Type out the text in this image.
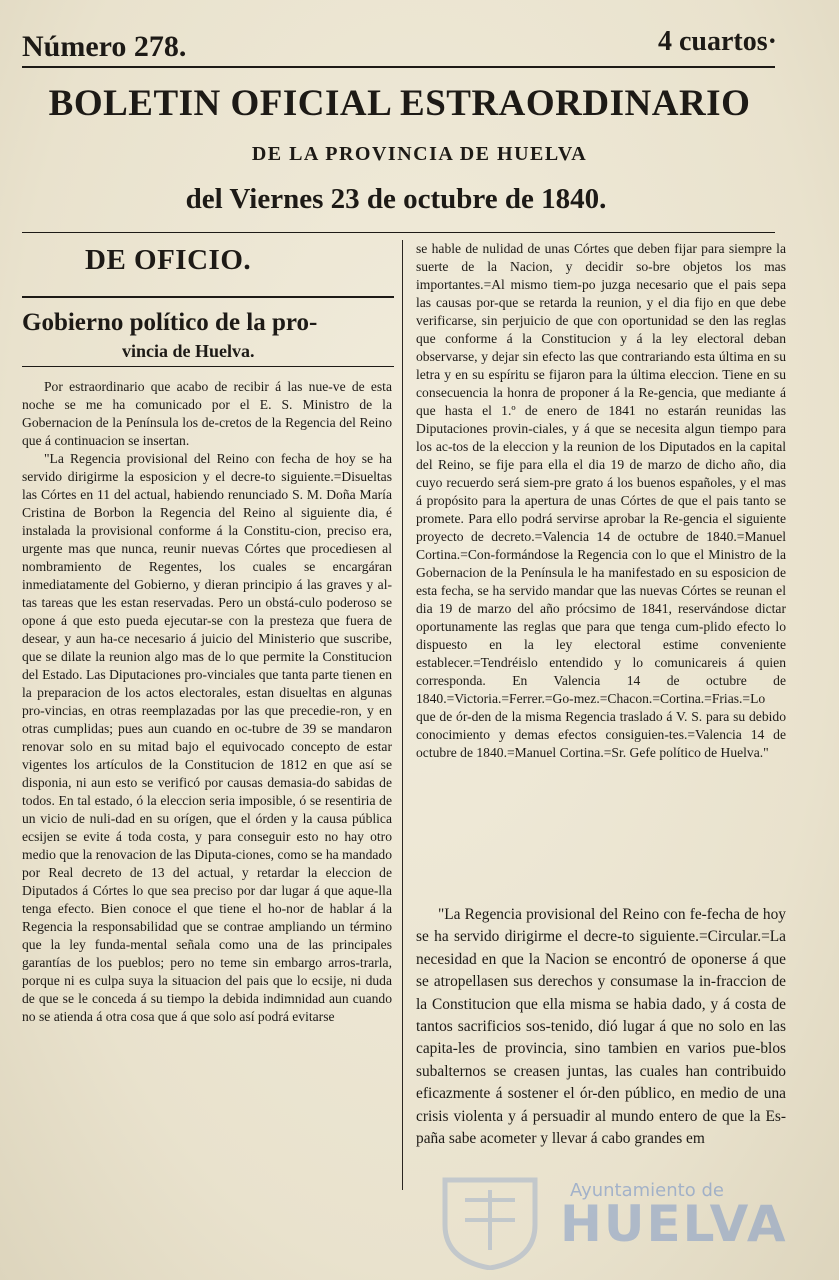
Número 278.	4 cuartos·
BOLETIN OFICIAL ESTRAORDINARIO
DE LA PROVINCIA DE HUELVA
del Viernes 23 de octubre de 1840.
DE OFICIO.
Gobierno político de la pro-
vincia de Huelva.

Por estraordinario que acabo de recibir á las nue-ve de esta noche se me ha comunicado por el E. S. Ministro de la Gobernacion de la Península los de-cretos de la Regencia del Reino que á continuacion se insertan.

"La Regencia provisional del Reino con fecha de hoy se ha servido dirigirme la esposicion y el decre-to siguiente.=Disueltas las Córtes en 11 del actual, habiendo renunciado S. M. Doña María Cristina de Borbon la Regencia del Reino al siguiente dia, é instalada la provisional conforme á la Constitu-cion, preciso era, urgente mas que nunca, reunir nuevas Córtes que procediesen al nombramiento de Regentes, los cuales se encargáran inmediatamente del Gobierno, y dieran principio á las graves y al-tas tareas que les estan reservadas. Pero un obstá-culo poderoso se opone á que esto pueda ejecutar-se con la presteza que fuera de desear, y aun ha-ce necesario á juicio del Ministerio que suscribe, que se dilate la reunion algo mas de lo que permite la Constitucion del Estado. Las Diputaciones pro-vinciales que tanta parte tienen en la preparacion de los actos electorales, estan disueltas en algunas pro-vincias, en otras reemplazadas por las que precedie-ron, y en otras cumplidas; pues aun cuando en oc-tubre de 39 se mandaron renovar solo en su mitad bajo el equivocado concepto de estar vigentes los artículos de la Constitucion de 1812 en que así se disponia, ni aun esto se verificó por causas demasia-do sabidas de todos. En tal estado, ó la eleccion seria imposible, ó se resentiria de un vicio de nuli-dad en su orígen, que el órden y la causa pública ecsijen se evite á toda costa, y para conseguir esto no hay otro medio que la renovacion de las Diputa-ciones, como se ha mandado por Real decreto de 13 del actual, y retardar la eleccion de Diputados á Córtes lo que sea preciso por dar lugar á que aque-lla tenga efecto. Bien conoce el que tiene el ho-nor de hablar á la Regencia la responsabilidad que se contrae ampliando un término que la ley funda-mental señala como una de las principales garantías de los pueblos; pero no teme sin embargo arros-trarla, porque ni es culpa suya la situacion del pais que lo ecsije, ni duda de que se le conceda á su tiempo la debida indimnidad aun cuando no se atienda á otra cosa que á que solo así podrá evitarse

se hable de nulidad de unas Córtes que deben fijar para siempre la suerte de la Nacion, y decidir so-bre objetos los mas importantes.=Al mismo tiem-po juzga necesario que el pais sepa las causas por-que se retarda la reunion, y el dia fijo en que debe verificarse, sin perjuicio de que con oportunidad se den las reglas que conforme á la Constitucion y á la ley electoral deban observarse, y dejar sin efecto las que contrariando esta última en su letra y en su espíritu se fijaron para la última eleccion. Tiene en su consecuencia la honra de proponer á la Re-gencia, que mediante á que hasta el 1.º de enero de 1841 no estarán reunidas las Diputaciones provin-ciales, y á que se necesita algun tiempo para los ac-tos de la eleccion y la reunion de los Diputados en la capital del Reino, se fije para ella el dia 19 de marzo de dicho año, dia cuyo recuerdo será siem-pre grato á los buenos españoles, y el mas á propósito para la apertura de unas Córtes de que el pais tanto se promete. Para ello podrá servirse aprobar la Re-gencia el siguiente proyecto de decreto.=Valencia 14 de octubre de 1840.=Manuel Cortina.=Con-formándose la Regencia con lo que el Ministro de la Gobernacion de la Península le ha manifestado en su esposicion de esta fecha, se ha servido mandar que las nuevas Córtes se reunan el dia 19 de marzo del año prócsimo de 1841, reservándose dictar oportunamente las reglas que para que tenga cum-plido efecto lo dispuesto en la ley electoral estime conveniente establecer.=Tendréislo entendido y lo comunicareis á quien corresponda. En Valencia 14 de octubre de 1840.=Victoria.=Ferrer.=Go-mez.=Chacon.=Cortina.=Frias.=Lo que de ór-den de la misma Regencia traslado á V. S. para su debido conocimiento y demas efectos consiguien-tes.=Valencia 14 de octubre de 1840.=Manuel Cortina.=Sr. Gefe político de Huelva."

"La Regencia provisional del Reino con fe-fecha de hoy se ha servido dirigirme el decre-to siguiente.=Circular.=La necesidad en que la Nacion se encontró de oponerse á que se atropellasen sus derechos y consumase la in-fraccion de la Constitucion que ella misma se habia dado, y á costa de tantos sacrificios sos-tenido, dió lugar á que no solo en las capita-les de provincia, sino tambien en varios pue-blos subalternos se creasen juntas, las cuales han contribuido eficazmente á sostener el ór-den público, en medio de una crisis violenta y á persuadir al mundo entero de que la Es-paña sabe acometer y llevar á cabo grandes em

Ayuntamiento de
HUELVA
